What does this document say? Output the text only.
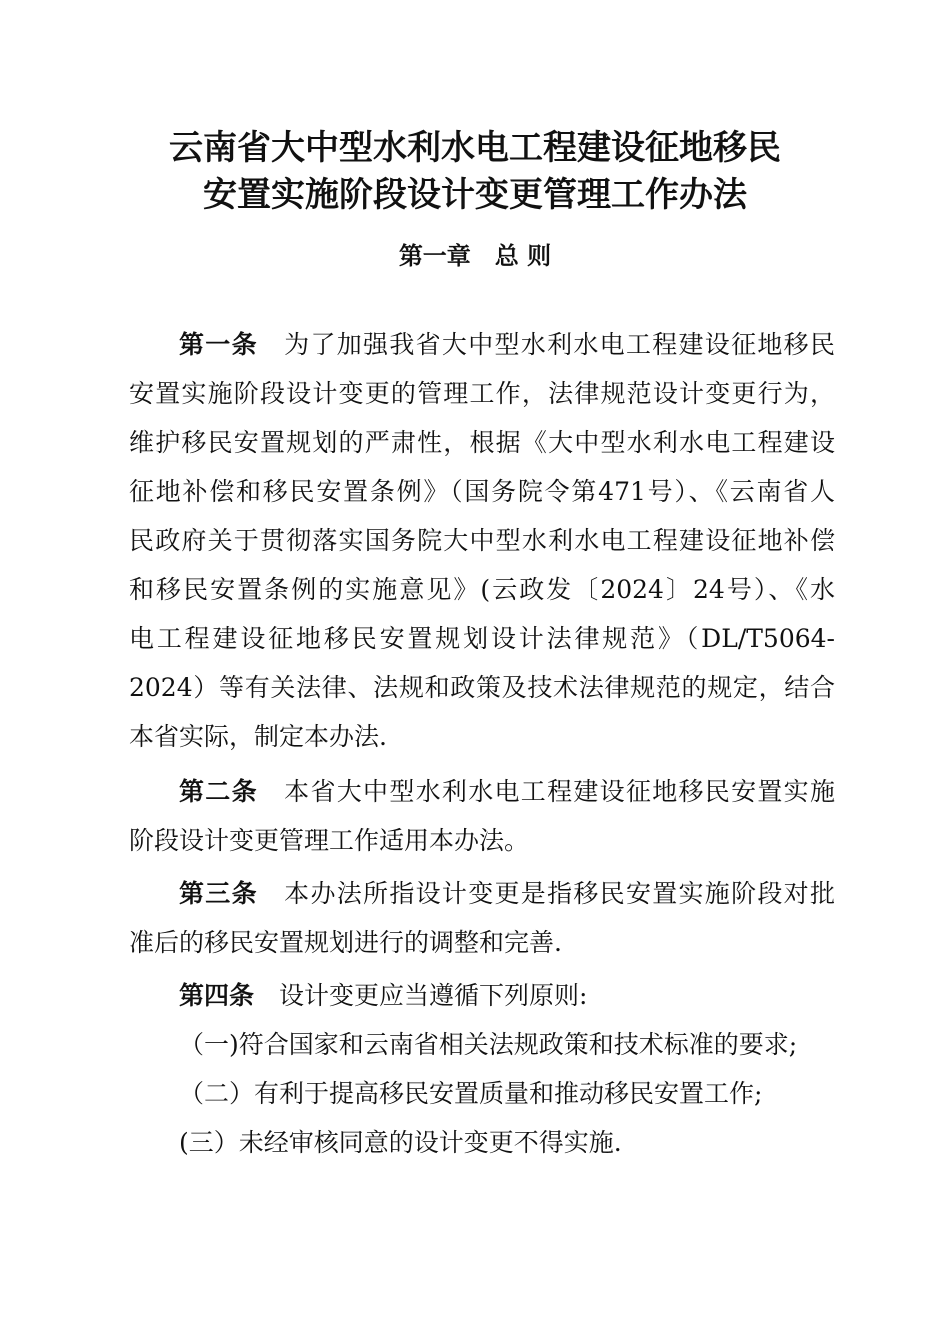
云南省大中型水利水电工程建设征地移民
安置实施阶段设计变更管理工作办法
第一章　总 则
第一条　 为了加强我省大中型水利水电工程建设征地移民
安置实施阶段设计变更的管理工作，法律规范设计变更行为，
维护移民安置规划的严肃性，根据《大中型水利水电工程建设
征地补偿和移民安置条例》（国务院令第471号）、《云南省人
民政府关于贯彻落实国务院大中型水利水电工程建设征地补偿
和移民安置条例的实施意见》(云政发〔2024〕24号）、《水
电工程建设征地移民安置规划设计法律规范》（DL/T5064-
2024）等有关法律、法规和政策及技术法律规范的规定，结合
本省实际，制定本办法.
第二条　 本省大中型水利水电工程建设征地移民安置实施
阶段设计变更管理工作适用本办法。
第三条　 本办法所指设计变更是指移民安置实施阶段对批
准后的移民安置规划进行的调整和完善.
第四条　 设计变更应当遵循下列原则:
（一)符合国家和云南省相关法规政策和技术标准的要求;
（二）有利于提高移民安置质量和推动移民安置工作;
(三）未经审核同意的设计变更不得实施.
